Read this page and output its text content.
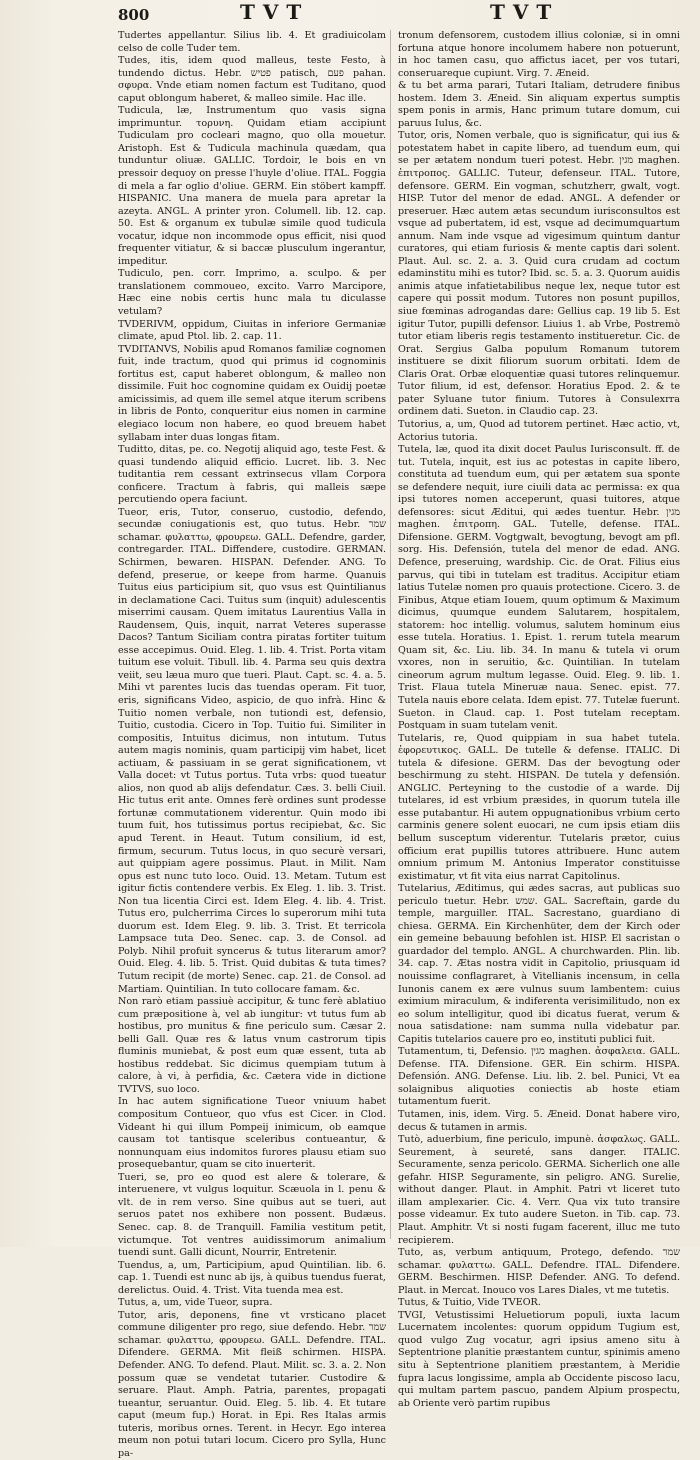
800	TVT	TVT

Tudertes appellantur. Silius lib. 4. Et gradiuicolam celso de colle Tuder tem.

Tudes, itis, idem quod malleus, teste Festo, à tundendo dictus. Hebr. פטיש patisch, פעם pahan. σφυρα. Vnde etiam nomen factum est Tuditano, quod caput oblongum haberet, & malleo simile. Hac ille.

Tudicula, læ, Instrumentum quo vasis signa imprimuntur. τορυνη. Quidam etiam accipiunt Tudiculam pro cocleari magno, quo olla mouetur. Aristoph. Est & Tudicula machinula quædam, qua tunduntur oliuæ. GALLIC. Tordoir, le bois en vn pressoir dequoy on presse l'huyle d'oliue. ITAL. Foggia di mela a far oglio d'oliue. GERM. Ein stöbert kampff. HISPANIC. Una manera de muela para apretar la azeyta. ANGL. A printer yron. Columell. lib. 12. cap. 50. Est & organum ex tubulæ simile quod tudicula vocatur, idque non incommode opus efficit, nisi quod frequenter vitiatur, & si baccæ plusculum ingerantur, impeditur.

Tudiculo, pen. corr. Imprimo, a. sculpo. & per translationem commoueo, excito. Varro Marcipore, Hæc eine nobis certis hunc mala tu diculasse vetulam?

TVDERIVM, oppidum, Ciuitas in inferiore Germaniæ climate, apud Ptol. lib. 2. cap. 11.

TVDITANVS, Nobilis apud Romanos familiæ cognomen fuit, inde tractum, quod qui primus id cognominis fortitus est, caput haberet oblongum, & malleo non dissimile. Fuit hoc cognomine quidam ex Ouidij poetæ amicissimis, ad quem ille semel atque iterum scribens in libris de Ponto, conqueritur eius nomen in carmine elegiaco locum non habere, eo quod breuem habet syllabam inter duas longas fitam.

Tuditto, ditas, pe. co. Negotij aliquid ago, teste Fest. & quasi tundendo aliquid efficio. Lucret. lib. 3. Nec tuditantia rem cessant extrinsecus vllam Corpora conficere. Tractum à fabris, qui malleis sæpe percutiendo opera faciunt.

Tueor, eris, Tutor, conseruo, custodio, defendo, secundæ coniugationis est, quo tutus. Hebr. שמר schamar. φυλαττω, φρουρεω. GALL. Defendre, garder, contregarder. ITAL. Diffendere, custodire. GERMAN. Schirmen, bewaren. HISPAN. Defender. ANG. To defend, preserue, or keepe from harme. Quanuis Tuitus eius participium sit, quo vsus est Quintilianus in declamatione Caci. Tuitus sum (inquit) adulescentis miserrimi causam. Quem imitatus Laurentius Valla in Raudensem, Quis, inquit, narrat Veteres superasse Dacos? Tantum Siciliam contra piratas fortiter tuitum esse accepimus. Ouid. Eleg. 1. lib. 4. Trist. Porta vitam tuitum ese voluit. Tibull. lib. 4. Parma seu quis dextra veiit, seu læua muro que tueri. Plaut. Capt. sc. 4. a. 5. Mihi vt parentes lucis das tuendas operam. Fit tuor, eris, significans Video, aspicio, de quo infrà. Hinc & Tuitio nomen verbale, non tutiondi est, defensio, Tuitio, custodia. Cicero in Top. Tuitio fui. Similiter in compositis, Intuitus dicimus, non intutum. Tutus autem magis nominis, quam participij vim habet, licet actiuam, & passiuam in se gerat significationem, vt Valla docet: vt Tutus portus. Tuta vrbs: quod tueatur alios, non quod ab alijs defendatur. Cæs. 3. belli Ciuil. Hic tutus erit ante. Omnes ferè ordines sunt prodesse fortunæ commutationem viderentur. Quin modo ibi tuum fuit, hos tutissimus portus recipiebat, &c. Sic apud Terent. in Heaut. Tutum consilium, id est, firmum, securum. Tutus locus, in quo securè versari, aut quippiam agere possimus. Plaut. in Milit. Nam opus est nunc tuto loco. Ouid. 13. Metam. Tutum est igitur fictis contendere verbis. Ex Eleg. 1. lib. 3. Trist. Non tua licentia Circi est. Idem Eleg. 4. lib. 4. Trist. Tutus ero, pulcherrima Circes lo superorum mihi tuta duorum est. Idem Eleg. 9. lib. 3. Trist. Et terricola Lampsace tuta Deo. Senec. cap. 3. de Consol. ad Polyb. Nihil profuit syncerus & tutus literarum amor? Ouid. Eleg. 4. lib. 5. Trist. Quid dubitas & tuta times? Tutum recipit (de morte) Senec. cap. 21. de Consol. ad Martiam. Quintilian. In tuto collocare famam. &c.

Non rarò etiam passiuè accipitur, & tunc ferè ablatiuo cum præpositione à, vel ab iungitur: vt tutus fum ab hostibus, pro munitus & fine periculo sum. Cæsar 2. belli Gall. Quæ res & latus vnum castrorum tipis fluminis muniebat, & post eum quæ essent, tuta ab hostibus reddebat. Sic dicimus quempiam tutum à calore, à vi, à perfidia, &c. Cætera vide in dictione TVTVS, suo loco.

In hac autem significatione Tueor vniuum habet compositum Contueor, quo vfus est Cicer. in Clod. Videant hi qui illum Pompeij inimicum, ob eamque causam tot tantisque sceleribus contueantur, & nonnunquam eius indomitos furores plausu etiam suo prosequebantur, quam se cito inuerterit.

Tueri, se, pro eo quod est alere & tolerare, & interuenere, vt vulgus loquitur. Scæuola in l. penu & vlt. de in rem verso. Sine quibus aut se tueri, aut seruos patet nos exhibere non possent. Budæus. Senec. cap. 8. de Tranquill. Familia vestitum petit, victumque. Tot ventres auidissimorum animalium tuendi sunt. Galli dicunt, Nourrir, Entretenir.

Tuendus, a, um, Participium, apud Quintilian. lib. 6. cap. 1. Tuendi est nunc ab ijs, à quibus tuendus fuerat, derelictus. Ouid. 4. Trist. Vita tuenda mea est.

Tutus, a, um, vide Tueor, supra.

Tutor, aris, deponens, fine vt vrsticano placet commune diligenter pro rego, siue defendo. Hebr. שמר schamar. φυλαττω, φρουρεω. GALL. Defendre. ITAL. Difendere. GERMA. Mit fleiß schirmen. HISPA. Defender. ANG. To defend. Plaut. Milit. sc. 3. a. 2. Non possum quæ se vendetat tutarier. Custodire & seruare. Plaut. Amph. Patria, parentes, propagati tueantur, seruantur. Ouid. Eleg. 5. lib. 4. Et tutare caput (meum fup.) Horat. in Epi. Res Italas armis tuteris, moribus ornes. Terent. in Hecyr. Ego interea meum non potui tutari locum. Cicero pro Sylla, Hunc pa-

tronum defensorem, custodem illius coloniæ, si in omni fortuna atque honore incolumem habere non potuerunt, in hoc tamen casu, quo affictus iacet, per vos tutari, conseruareque cupiunt. Virg. 7. Æneid.

& tu bet arma parari, Tutari Italiam, detrudere finibus hostem. Idem 3. Æneid. Sin aliquam expertus sumptis spem ponis in armis, Hanc primum tutare domum, cui paruus Iulus, &c.

Tutor, oris, Nomen verbale, quo is significatur, qui ius & potestatem habet in capite libero, ad tuendum eum, qui se per ætatem nondum tueri potest. Hebr. מגין maghen. ἐπιτροπος. GALLIC. Tuteur, defenseur. ITAL. Tutore, defensore. GERM. Ein vogman, schutzherr, gwalt, vogt. HISP. Tutor del menor de edad. ANGL. A defender or preseruer. Hæc autem ætas secundum iurisconsultos est vsque ad pubertatem, id est, vsque ad decimumquartum annum. Nam inde vsque ad vigesimum quintum dantur curatores, qui etiam furiosis & mente captis dari solent. Plaut. Aul. sc. 2. a. 3. Quid cura crudam ad coctum edaminstitu mihi es tutor? Ibid. sc. 5. a. 3. Quorum auidis animis atque infatietabilibus neque lex, neque tutor est capere qui possit modum. Tutores non posunt pupillos, siue fœminas adrogandas dare: Gellius cap. 19 lib 5. Est igitur Tutor, pupilli defensor. Liuius 1. ab Vrbe, Postremò tutor etiam liberis regis testamento institueretur. Cic. de Orat. Sergius Galba populum Romanum tutorem instituere se dixit filiorum suorum orbitati. Idem de Claris Orat. Orbæ eloquentiæ quasi tutores relinquemur. Tutor filium, id est, defensor. Horatius Epod. 2. & te pater Syluane tutor finium. Tutores à Consulexrra ordinem dati. Sueton. in Claudio cap. 23.

Tutorius, a, um, Quod ad tutorem pertinet. Hæc actio, vt, Actorius tutoria.

Tutela, læ, quod ita dixit docet Paulus Iurisconsult. ff. de tut. Tutela, inquit, est ius ac potestas in capite libero, constituta ad tuendum eum, qui per ætatem sua sponte se defendere nequit, iure ciuili data ac permissa: ex qua ipsi tutores nomen acceperunt, quasi tuitores, atque defensores: sicut Æditui, qui ædes tuentur. Hebr. מגין maghen. ἐπιτροπη. GAL. Tutelle, defense. ITAL. Difensione. GERM. Vogtgwalt, bevogtung, bevogt am pfl. sorg. His. Defensión, tutela del menor de edad. ANG. Defence, preseruing, wardship. Cic. de Orat. Filius eius parvus, qui tibi in tutelam est traditus. Accipitur etiam latius Tutelæ nomen pro quauis protectione. Cicero. 3. de Finibus, Atque etiam Iouem, quum optimum & Maximum dicimus, quumque eundem Salutarem, hospitalem, statorem: hoc intellig. volumus, salutem hominum eius esse tutela. Horatius. 1. Epist. 1. rerum tutela mearum Quam sit, &c. Liu. lib. 34. In manu & tutela vi orum vxores, non in seruitio, &c. Quintilian. In tutelam cineorum agrum multum legasse. Ouid. Eleg. 9. lib. 1. Trist. Flaua tutela Mineruæ naua. Senec. epist. 77. Tutela nauis ebore celata. Idem epist. 77. Tutelæ fuerunt. Sueton. in Claud. cap. 1. Post tutelam receptam. Postquam in suam tutelam venit.

Tutelaris, re, Quod quippiam in sua habet tutela. ἐφορευτικος. GALL. De tutelle & defense. ITALIC. Di tutela & difesione. GERM. Das der bevogtung oder beschirmung zu steht. HISPAN. De tutela y defensión. ANGLIC. Perteyning to the custodie of a warde. Dij tutelares, id est vrbium præsides, in quorum tutela ille esse putabantur. Hi autem oppugnationibus vrbium certo carminis genere solent euocari, ne cum ipsis etiam diis bellum susceptum viderentur. Tutelaris prætor, cuius officium erat pupillis tutores attribuere. Hunc autem omnium primum M. Antonius Imperator constituisse existimatur, vt fit vita eius narrat Capitolinus.

Tutelarius, Æditimus, qui ædes sacras, aut publicas suo periculo tuetur. Hebr. שמש. GAL. Sacreftain, garde du temple, marguiller. ITAL. Sacrestano, guardiano di chiesa. GERMA. Ein Kirchenhüter, dem der Kirch oder ein gemeine bebauung befohlen ist. HISP. El sacristan o guardador del templo. ANGL. A churchwarden. Plin. lib. 34. cap. 7. Ætas nostra vidit in Capitolio, priusquam id nouissime conflagraret, à Vitellianis incensum, in cella Iunonis canem ex ære vulnus suum lambentem: cuius eximium miraculum, & indiferenta verisimilitudo, non ex eo solum intelligitur, quod ibi dicatus fuerat, verum & noua satisdatione: nam summa nulla videbatur par. Capitis tutelarios cauere pro eo, instituti publici fuit.

Tutamentum, ti, Defensio. מגין maghen. ἀσφαλεια. GALL. Defense. ITA. Difensione. GER. Ein schirm. HISPA. Defensión. ANG. Defense. Liu. lib. 2. bel. Punici, Vt ea solaignibus aliquoties coniectis ab hoste etiam tutamentum fuerit.

Tutamen, inis, idem. Virg. 5. Æneid. Donat habere viro, decus & tutamen in armis.

Tutò, aduerbium, fine periculo, impunè. ἀσφαλως. GALL. Seurement, à seureté, sans danger. ITALIC. Securamente, senza pericolo. GERMA. Sicherlich one alle gefahr. HISP. Seguramente, sin peligro. ANG. Surelie, without danger. Plaut. in Amphit. Patri vt liceret tuto illam amplexarier. Cic. 4. Verr. Qua vix tuto transire posse videamur. Ex tuto audere Sueton. in Tib. cap. 73. Plaut. Amphitr. Vt si nosti fugam facerent, illuc me tuto recipierem.

Tuto, as, verbum antiquum, Protego, defendo. שמר schamar. φυλαττω. GALL. Defendre. ITAL. Difendere. GERM. Beschirmen. HISP. Defender. ANG. To defend. Plaut. in Mercat. Inouco vos Lares Diales, vt me tutetis.

Tutus, & Tuitio, Vide TVEOR.

TVGI, Vetustissimi Heluetiorum populi, iuxta lacum Lucernatem incolentes: quorum oppidum Tugium est, quod vulgo Zug vocatur, agri ipsius ameno situ à Septentrione planitie præstantem cuntur, spinimis ameno situ à Septentrione planitiem præstantem, à Meridie fupra lacus longissime, ampla ab Occidente piscoso lacu, qui multam partem pascuo, pandem Alpium prospectu, ab Oriente verò partim rupibus
